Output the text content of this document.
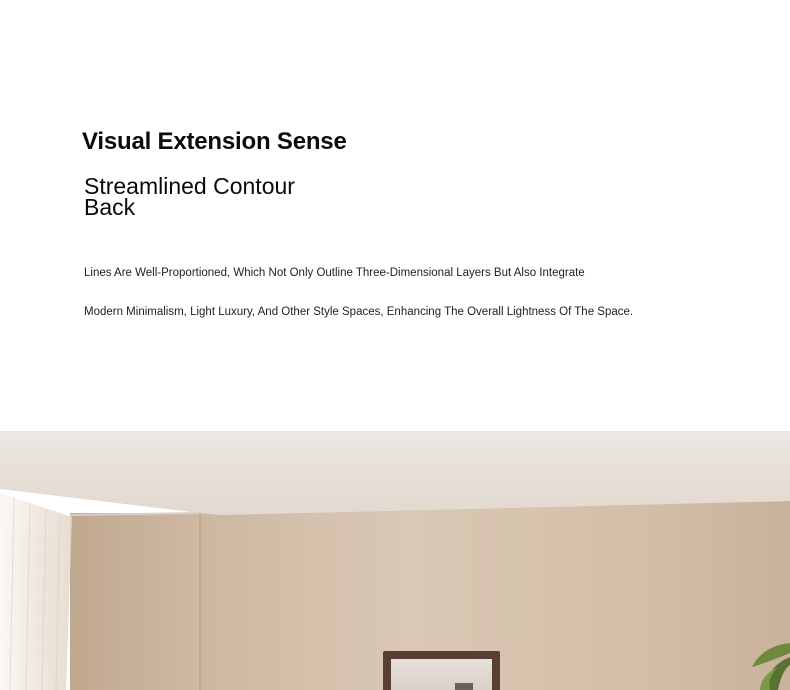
Visual Extension Sense
Streamlined Contour Back

Lines Are Well-Proportioned, Which Not Only Outline Three-Dimensional Layers But Also Integrate

Modern Minimalism, Light Luxury, And Other Style Spaces, Enhancing The Overall Lightness Of The Space.
